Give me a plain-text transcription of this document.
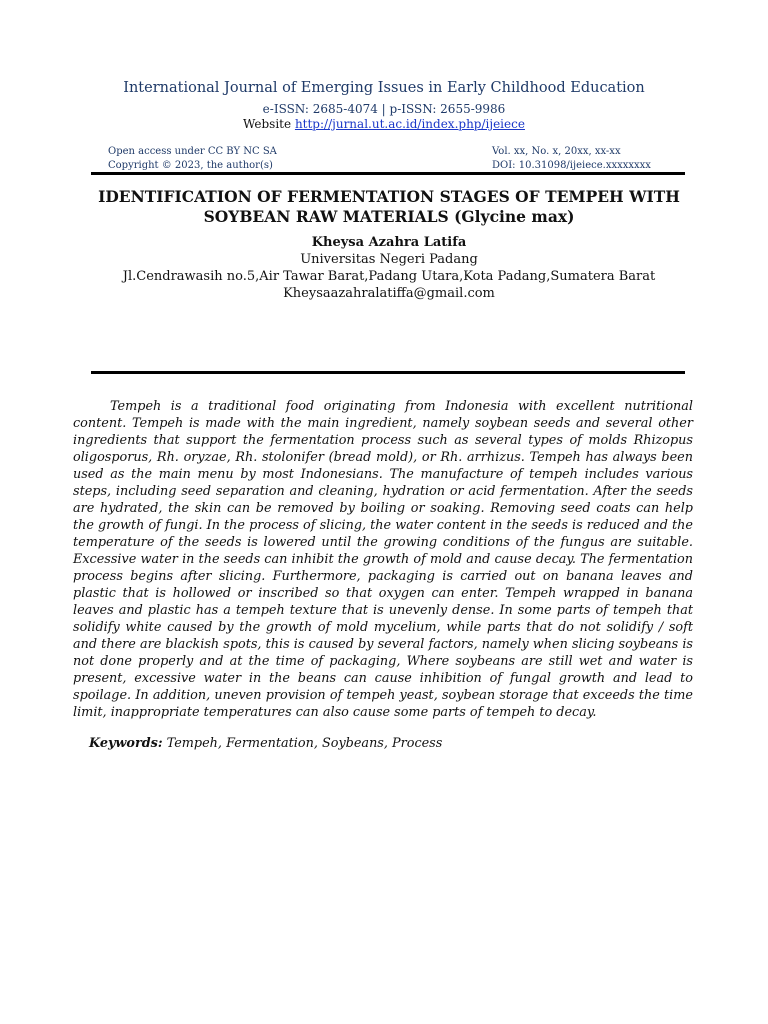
International Journal of Emerging Issues in Early Childhood Education
e-ISSN: 2685-4074 | p-ISSN: 2655-9986
Website http://jurnal.ut.ac.id/index.php/ijeiece
Open access under CC BY NC SA
Copyright © 2023, the author(s)
Vol. xx, No. x, 20xx, xx-xx
DOI: 10.31098/ijeiece.xxxxxxxx
IDENTIFICATION OF FERMENTATION STAGES OF TEMPEH WITH
SOYBEAN RAW MATERIALS (Glycine max)
Kheysa Azahra Latifa
Universitas Negeri Padang
Jl.Cendrawasih no.5,Air Tawar Barat,Padang Utara,Kota Padang,Sumatera Barat
Kheysaazahralatiffa@gmail.com

Tempeh is a traditional food originating from Indonesia with excellent nutritional content. Tempeh is made with the main ingredient, namely soybean seeds and several other ingredients that support the fermentation process such as several types of molds Rhizopus oligosporus, Rh. oryzae, Rh. stolonifer (bread mold), or Rh. arrhizus. Tempeh has always been used as the main menu by most Indonesians. The manufacture of tempeh includes various steps, including seed separation and cleaning, hydration or acid fermentation. After the seeds are hydrated, the skin can be removed by boiling or soaking. Removing seed coats can help the growth of fungi. In the process of slicing, the water content in the seeds is reduced and the temperature of the seeds is lowered until the growing conditions of the fungus are suitable. Excessive water in the seeds can inhibit the growth of mold and cause decay. The fermentation process begins after slicing. Furthermore, packaging is carried out on banana leaves and plastic that is hollowed or inscribed so that oxygen can enter. Tempeh wrapped in banana leaves and plastic has a tempeh texture that is unevenly dense. In some parts of tempeh that solidify white caused by the growth of mold mycelium, while parts that do not solidify / soft and there are blackish spots, this is caused by several factors, namely when slicing soybeans is not done properly and at the time of packaging, Where soybeans are still wet and water is present, excessive water in the beans can cause inhibition of fungal growth and lead to spoilage. In addition, uneven provision of tempeh yeast, soybean storage that exceeds the time limit, inappropriate temperatures can also cause some parts of tempeh to decay.

Keywords: Tempeh, Fermentation, Soybeans, Process
